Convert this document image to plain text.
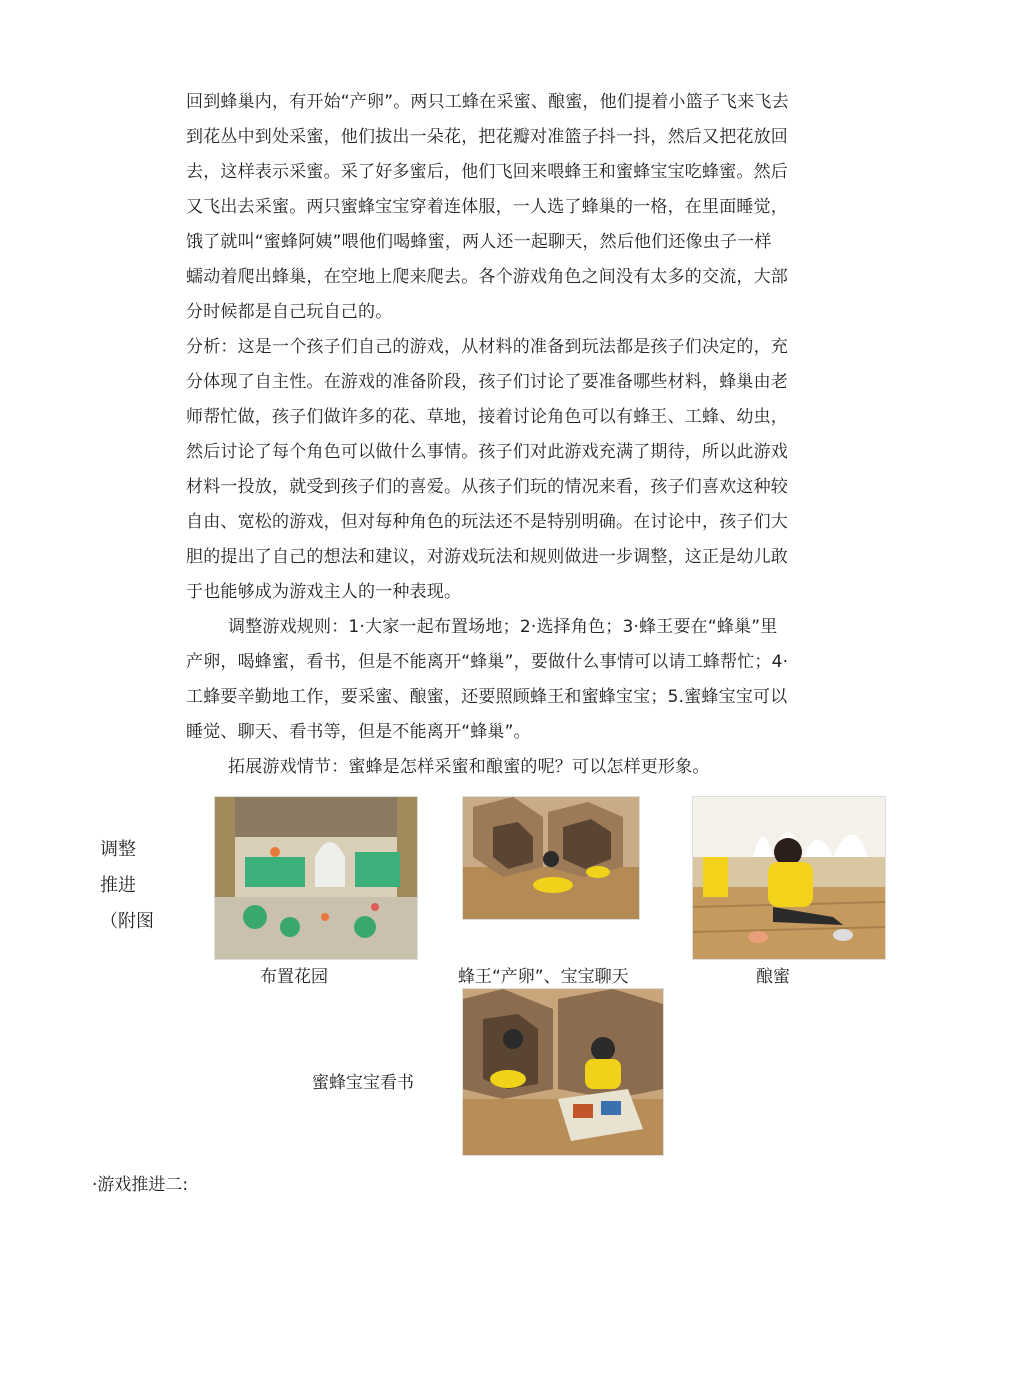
回到蜂巢内，有开始“产卵”。两只工蜂在采蜜、酿蜜，他们提着小篮子飞来飞去
到花丛中到处采蜜，他们拔出一朵花，把花瓣对准篮子抖一抖，然后又把花放回
去，这样表示采蜜。采了好多蜜后，他们飞回来喂蜂王和蜜蜂宝宝吃蜂蜜。然后
又飞出去采蜜。两只蜜蜂宝宝穿着连体服，一人选了蜂巢的一格，在里面睡觉，
饿了就叫“蜜蜂阿姨”喂他们喝蜂蜜，两人还一起聊天，然后他们还像虫子一样
蠕动着爬出蜂巢，在空地上爬来爬去。各个游戏角色之间没有太多的交流，大部
分时候都是自己玩自己的。
分析：这是一个孩子们自己的游戏，从材料的准备到玩法都是孩子们决定的，充
分体现了自主性。在游戏的准备阶段，孩子们讨论了要准备哪些材料，蜂巢由老
师帮忙做，孩子们做许多的花、草地，接着讨论角色可以有蜂王、工蜂、幼虫，
然后讨论了每个角色可以做什么事情。孩子们对此游戏充满了期待，所以此游戏
材料一投放，就受到孩子们的喜爱。从孩子们玩的情况来看，孩子们喜欢这种较
自由、宽松的游戏，但对每种角色的玩法还不是特别明确。在讨论中，孩子们大
胆的提出了自己的想法和建议，对游戏玩法和规则做进一步调整，这正是幼儿敢
于也能够成为游戏主人的一种表现。
调整游戏规则：1·大家一起布置场地；2·选择角色；3·蜂王要在“蜂巢”里
产卵，喝蜂蜜，看书，但是不能离开“蜂巢”，要做什么事情可以请工蜂帮忙；4·
工蜂要辛勤地工作，要采蜜、酿蜜，还要照顾蜂王和蜜蜂宝宝；5.蜜蜂宝宝可以
睡觉、聊天、看书等，但是不能离开“蜂巢”。
拓展游戏情节：蜜蜂是怎样采蜜和酿蜜的呢？可以怎样更形象。
调整
推进
（附图
布置花园	蜂王“产卵”、宝宝聊天	酿蜜
蜜蜂宝宝看书
·游戏推进二:
